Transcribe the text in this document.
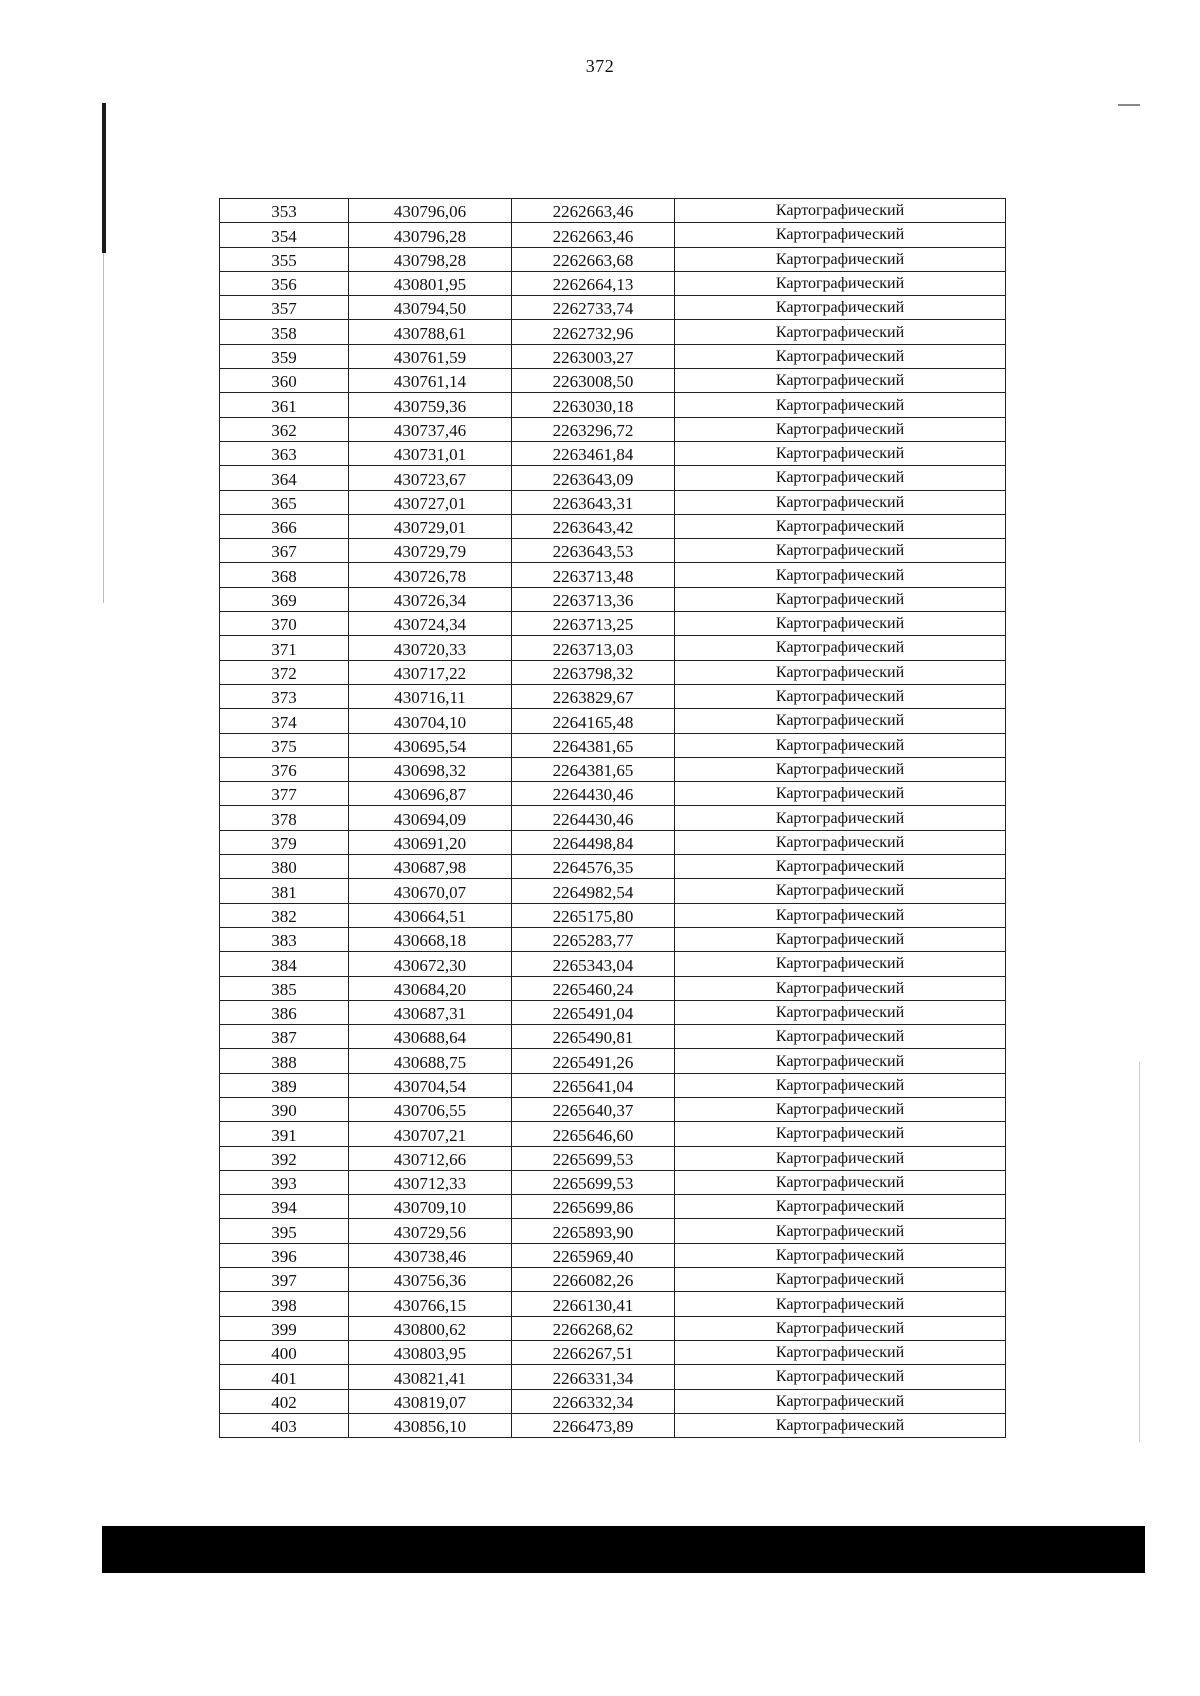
372
353	430796,06	2262663,46	Картографический
354	430796,28	2262663,46	Картографический
355	430798,28	2262663,68	Картографический
356	430801,95	2262664,13	Картографический
357	430794,50	2262733,74	Картографический
358	430788,61	2262732,96	Картографический
359	430761,59	2263003,27	Картографический
360	430761,14	2263008,50	Картографический
361	430759,36	2263030,18	Картографический
362	430737,46	2263296,72	Картографический
363	430731,01	2263461,84	Картографический
364	430723,67	2263643,09	Картографический
365	430727,01	2263643,31	Картографический
366	430729,01	2263643,42	Картографический
367	430729,79	2263643,53	Картографический
368	430726,78	2263713,48	Картографический
369	430726,34	2263713,36	Картографический
370	430724,34	2263713,25	Картографический
371	430720,33	2263713,03	Картографический
372	430717,22	2263798,32	Картографический
373	430716,11	2263829,67	Картографический
374	430704,10	2264165,48	Картографический
375	430695,54	2264381,65	Картографический
376	430698,32	2264381,65	Картографический
377	430696,87	2264430,46	Картографический
378	430694,09	2264430,46	Картографический
379	430691,20	2264498,84	Картографический
380	430687,98	2264576,35	Картографический
381	430670,07	2264982,54	Картографический
382	430664,51	2265175,80	Картографический
383	430668,18	2265283,77	Картографический
384	430672,30	2265343,04	Картографический
385	430684,20	2265460,24	Картографический
386	430687,31	2265491,04	Картографический
387	430688,64	2265490,81	Картографический
388	430688,75	2265491,26	Картографический
389	430704,54	2265641,04	Картографический
390	430706,55	2265640,37	Картографический
391	430707,21	2265646,60	Картографический
392	430712,66	2265699,53	Картографический
393	430712,33	2265699,53	Картографический
394	430709,10	2265699,86	Картографический
395	430729,56	2265893,90	Картографический
396	430738,46	2265969,40	Картографический
397	430756,36	2266082,26	Картографический
398	430766,15	2266130,41	Картографический
399	430800,62	2266268,62	Картографический
400	430803,95	2266267,51	Картографический
401	430821,41	2266331,34	Картографический
402	430819,07	2266332,34	Картографический
403	430856,10	2266473,89	Картографический
